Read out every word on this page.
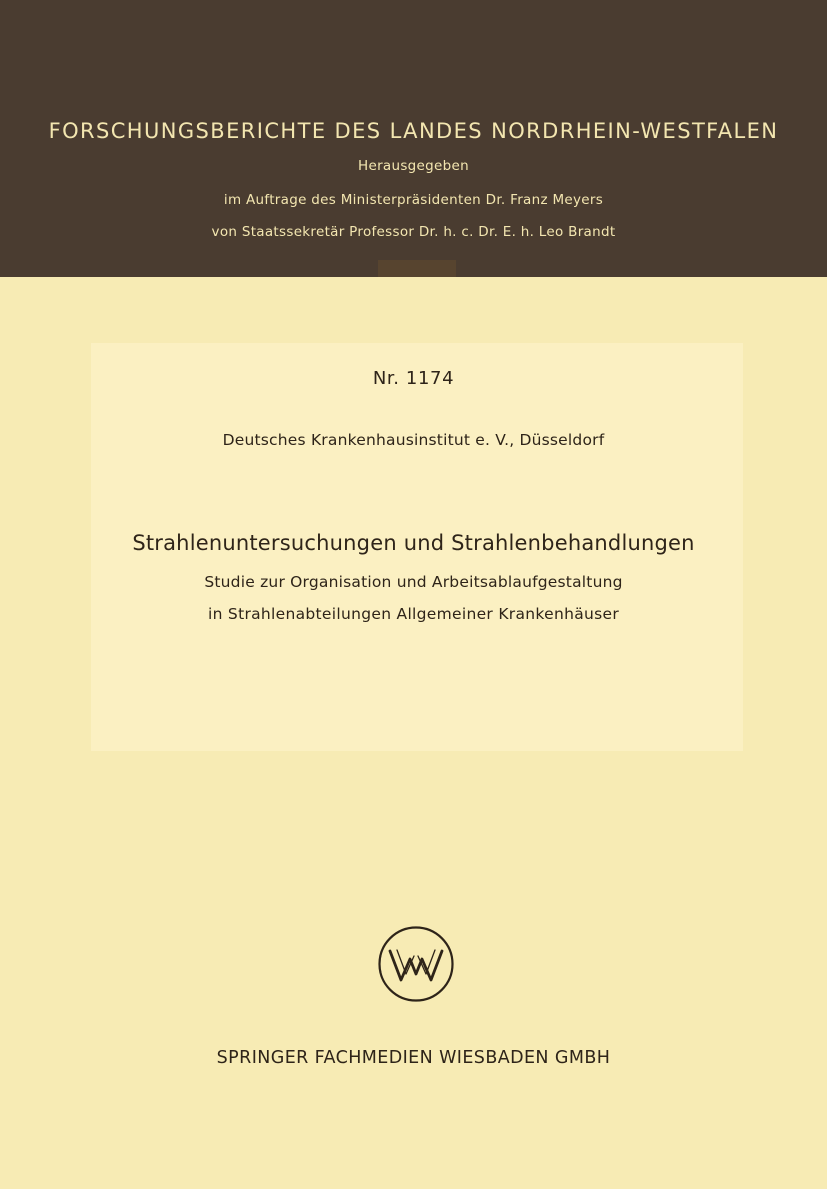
FORSCHUNGSBERICHTE DES LANDES NORDRHEIN-WESTFALEN
Herausgegeben
im Auftrage des Ministerpräsidenten Dr. Franz Meyers
von Staatssekretär Professor Dr. h. c. Dr. E. h. Leo Brandt
Nr. 1174
Deutsches Krankenhausinstitut e. V., Düsseldorf
Strahlenuntersuchungen und Strahlenbehandlungen
Studie zur Organisation und Arbeitsablaufgestaltung
in Strahlenabteilungen Allgemeiner Krankenhäuser
SPRINGER FACHMEDIEN WIESBADEN GMBH
